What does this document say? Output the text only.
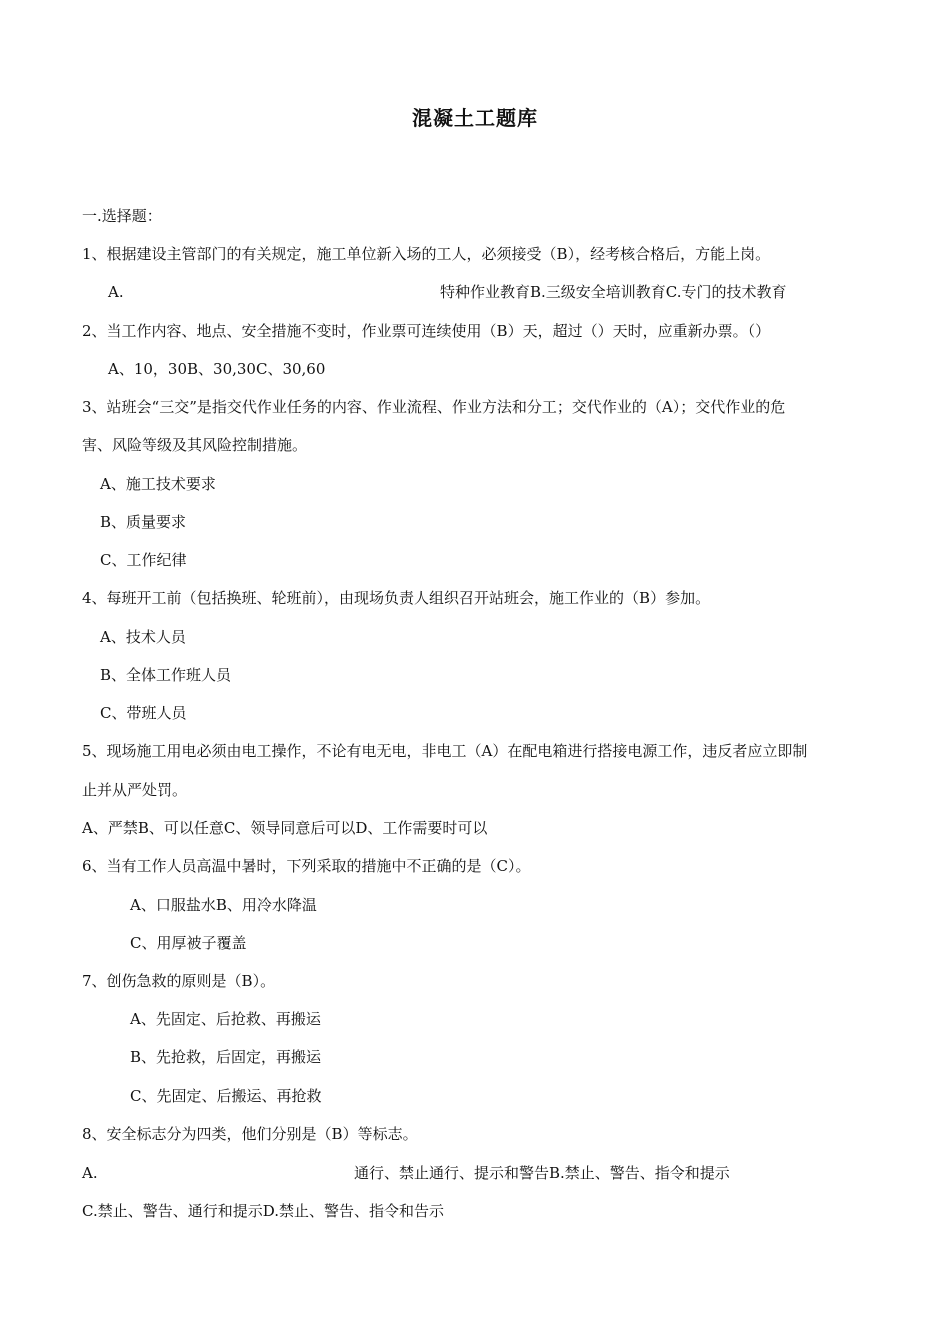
混凝土工题库
一.选择题：
1、根据建设主管部门的有关规定，施工单位新入场的工人，必须接受（B），经考核合格后，方能上岗。
A.	特种作业教育B.三级安全培训教育C.专门的技术教育
2、当工作内容、地点、安全措施不变时，作业票可连续使用（B）天，超过（）天时，应重新办票。（）
A、10，30B、30,30C、30,60
3、站班会“三交”是指交代作业任务的内容、作业流程、作业方法和分工；交代作业的（A）；交代作业的危
害、风险等级及其风险控制措施。
A、施工技术要求
B、质量要求
C、工作纪律
4、每班开工前（包括换班、轮班前），由现场负责人组织召开站班会，施工作业的（B）参加。
A、技术人员
B、全体工作班人员
C、带班人员
5、现场施工用电必须由电工操作，不论有电无电，非电工（A）在配电箱进行搭接电源工作，违反者应立即制
止并从严处罚。
A、严禁B、可以任意C、领导同意后可以D、工作需要时可以
6、当有工作人员高温中暑时，下列采取的措施中不正确的是（C）。
A、口服盐水B、用冷水降温
C、用厚被子覆盖
7、创伤急救的原则是（B）。
A、先固定、后抢救、再搬运
B、先抢救，后固定，再搬运
C、先固定、后搬运、再抢救
8、安全标志分为四类，他们分别是（B）等标志。
A.	通行、禁止通行、提示和警告B.禁止、警告、指令和提示
C.禁止、警告、通行和提示D.禁止、警告、指令和告示
